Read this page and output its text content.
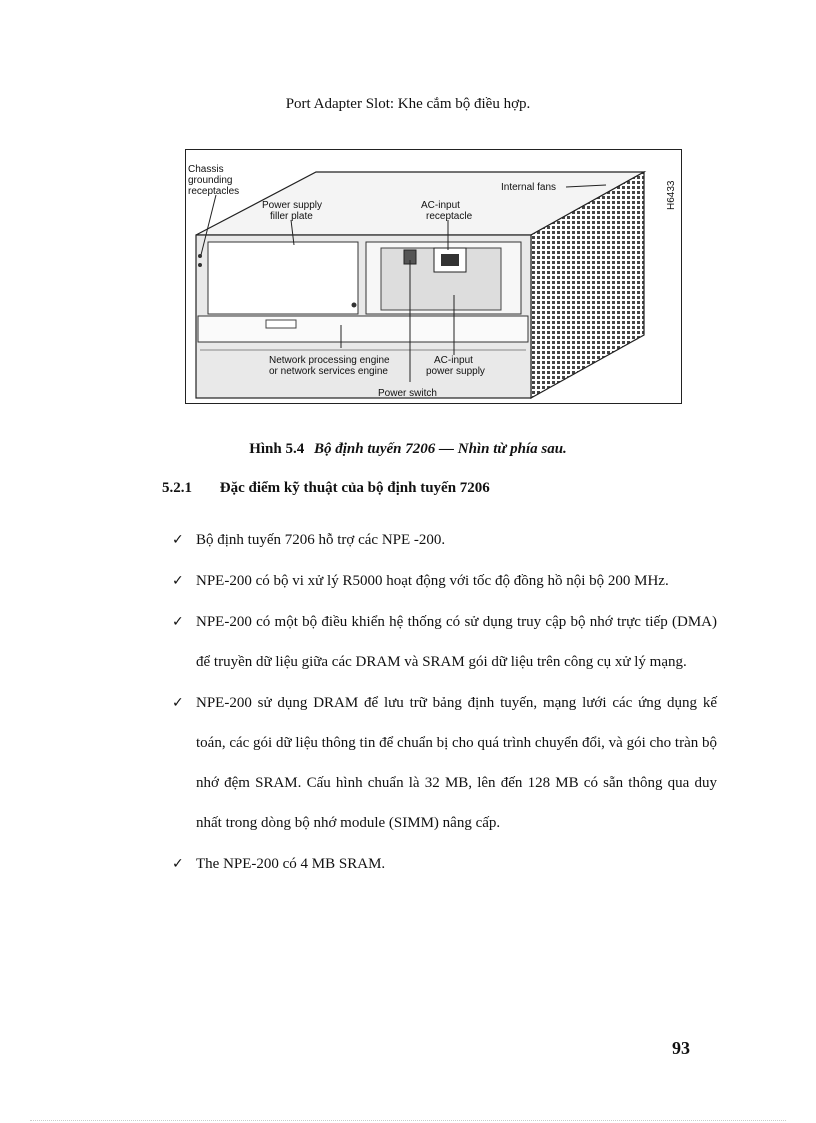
Port Adapter Slot: Khe cắm bộ điều hợp.
Chassis
grounding
receptacles
Power supply
filler plate
AC-input
receptacle
Internal fans
Network processing engine
or network services engine
AC-input
power supply
Power switch
H6433
Hình 5.4 Bộ định tuyến 7206 — Nhìn từ phía sau.
5.2.1 Đặc điểm kỹ thuật của bộ định tuyến 7206
✓ Bộ định tuyến 7206 hỗ trợ các NPE -200.
✓ NPE-200 có bộ vi xử lý R5000 hoạt động với tốc độ đồng hồ nội bộ 200 MHz.
✓ NPE-200 có một bộ điều khiển hệ thống có sử dụng truy cập bộ nhớ trực tiếp (DMA) để truyền dữ liệu giữa các DRAM và SRAM gói dữ liệu trên công cụ xử lý mạng.
✓ NPE-200 sử dụng DRAM để lưu trữ bảng định tuyến, mạng lưới các ứng dụng kế toán, các gói dữ liệu thông tin để chuẩn bị cho quá trình chuyển đổi, và gói cho tràn bộ nhớ đệm SRAM. Cấu hình chuẩn là 32 MB, lên đến 128 MB có sẵn thông qua duy nhất trong dòng bộ nhớ module (SIMM) nâng cấp.
✓ The NPE-200 có 4 MB SRAM.
93
